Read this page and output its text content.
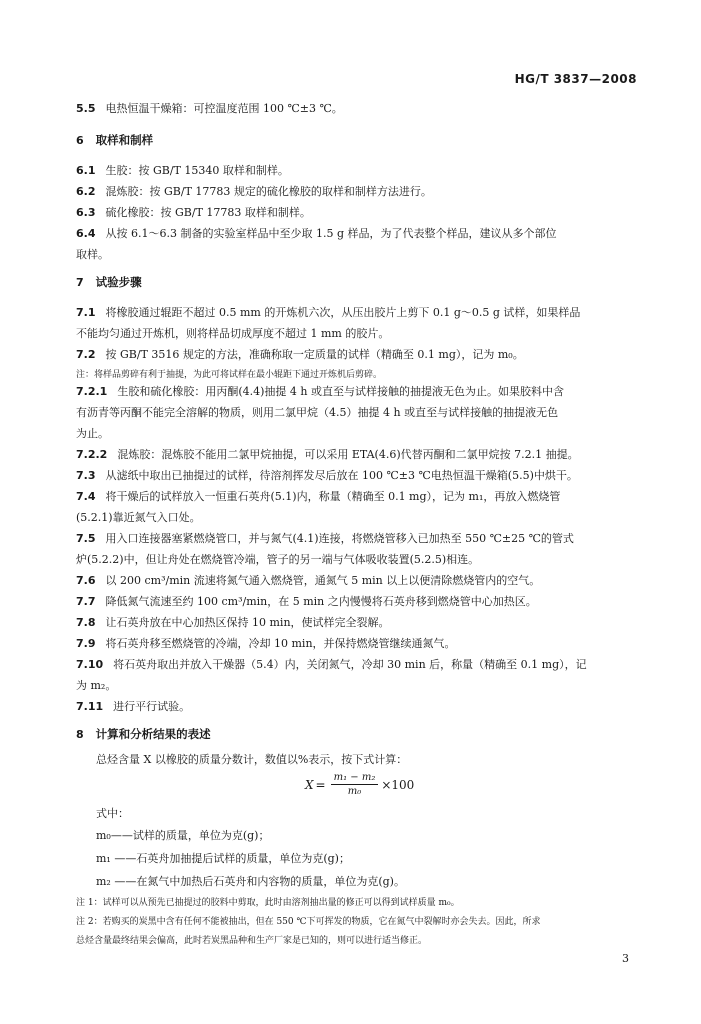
HG/T 3837—2008
5.5 电热恒温干燥箱：可控温度范围 100 ℃±3 ℃。
6 取样和制样
6.1 生胶：按 GB/T 15340 取样和制样。
6.2 混炼胶：按 GB/T 17783 规定的硫化橡胶的取样和制样方法进行。
6.3 硫化橡胶：按 GB/T 17783 取样和制样。
6.4 从按 6.1～6.3 制备的实验室样品中至少取 1.5 g 样品，为了代表整个样品，建议从多个部位
取样。
7 试验步骤
7.1 将橡胶通过辊距不超过 0.5 mm 的开炼机六次，从压出胶片上剪下 0.1 g～0.5 g 试样，如果样品
不能均匀通过开炼机，则将样品切成厚度不超过 1 mm 的胶片。
7.2 按 GB/T 3516 规定的方法，准确称取一定质量的试样（精确至 0.1 mg），记为 m₀。
注：将样品剪碎有利于抽提，为此可将试样在最小辊距下通过开炼机后剪碎。
7.2.1 生胶和硫化橡胶：用丙酮(4.4)抽提 4 h 或直至与试样接触的抽提液无色为止。如果胶料中含
有沥青等丙酮不能完全溶解的物质，则用二氯甲烷（4.5）抽提 4 h 或直至与试样接触的抽提液无色
为止。
7.2.2 混炼胶：混炼胶不能用二氯甲烷抽提，可以采用 ETA(4.6)代替丙酮和二氯甲烷按 7.2.1 抽提。
7.3 从滤纸中取出已抽提过的试样，待溶剂挥发尽后放在 100 ℃±3 ℃电热恒温干燥箱(5.5)中烘干。
7.4 将干燥后的试样放入一恒重石英舟(5.1)内，称量（精确至 0.1 mg），记为 m₁，再放入燃烧管
(5.2.1)靠近氮气入口处。
7.5 用入口连接器塞紧燃烧管口，并与氮气(4.1)连接，将燃烧管移入已加热至 550 ℃±25 ℃的管式
炉(5.2.2)中，但让舟处在燃烧管冷端，管子的另一端与气体吸收装置(5.2.5)相连。
7.6 以 200 cm³/min 流速将氮气通入燃烧管，通氮气 5 min 以上以便清除燃烧管内的空气。
7.7 降低氮气流速至约 100 cm³/min，在 5 min 之内慢慢将石英舟移到燃烧管中心加热区。
7.8 让石英舟放在中心加热区保持 10 min，使试样完全裂解。
7.9 将石英舟移至燃烧管的冷端，冷却 10 min，并保持燃烧管继续通氮气。
7.10 将石英舟取出并放入干燥器（5.4）内，关闭氮气，冷却 30 min 后，称量（精确至 0.1 mg），记
为 m₂。
7.11 进行平行试验。
8 计算和分析结果的表述
总烃含量 X 以橡胶的质量分数计，数值以%表示，按下式计算：
$X = \frac{\text{m₁ − m₂}}{\text{m₀}} \times 100$
式中：
m₀——试样的质量，单位为克(g)；
m₁ ——石英舟加抽提后试样的质量，单位为克(g)；
m₂ ——在氮气中加热后石英舟和内容物的质量，单位为克(g)。
注 1：试样可以从预先已抽提过的胶料中剪取，此时由溶剂抽出量的修正可以得到试样质量 m₀。
注 2：若购买的炭黑中含有任何不能被抽出，但在 550 ℃下可挥发的物质，它在氮气中裂解时亦会失去。因此，所求
总烃含量最终结果会偏高，此时若炭黑品种和生产厂家是已知的，则可以进行适当修正。
3
